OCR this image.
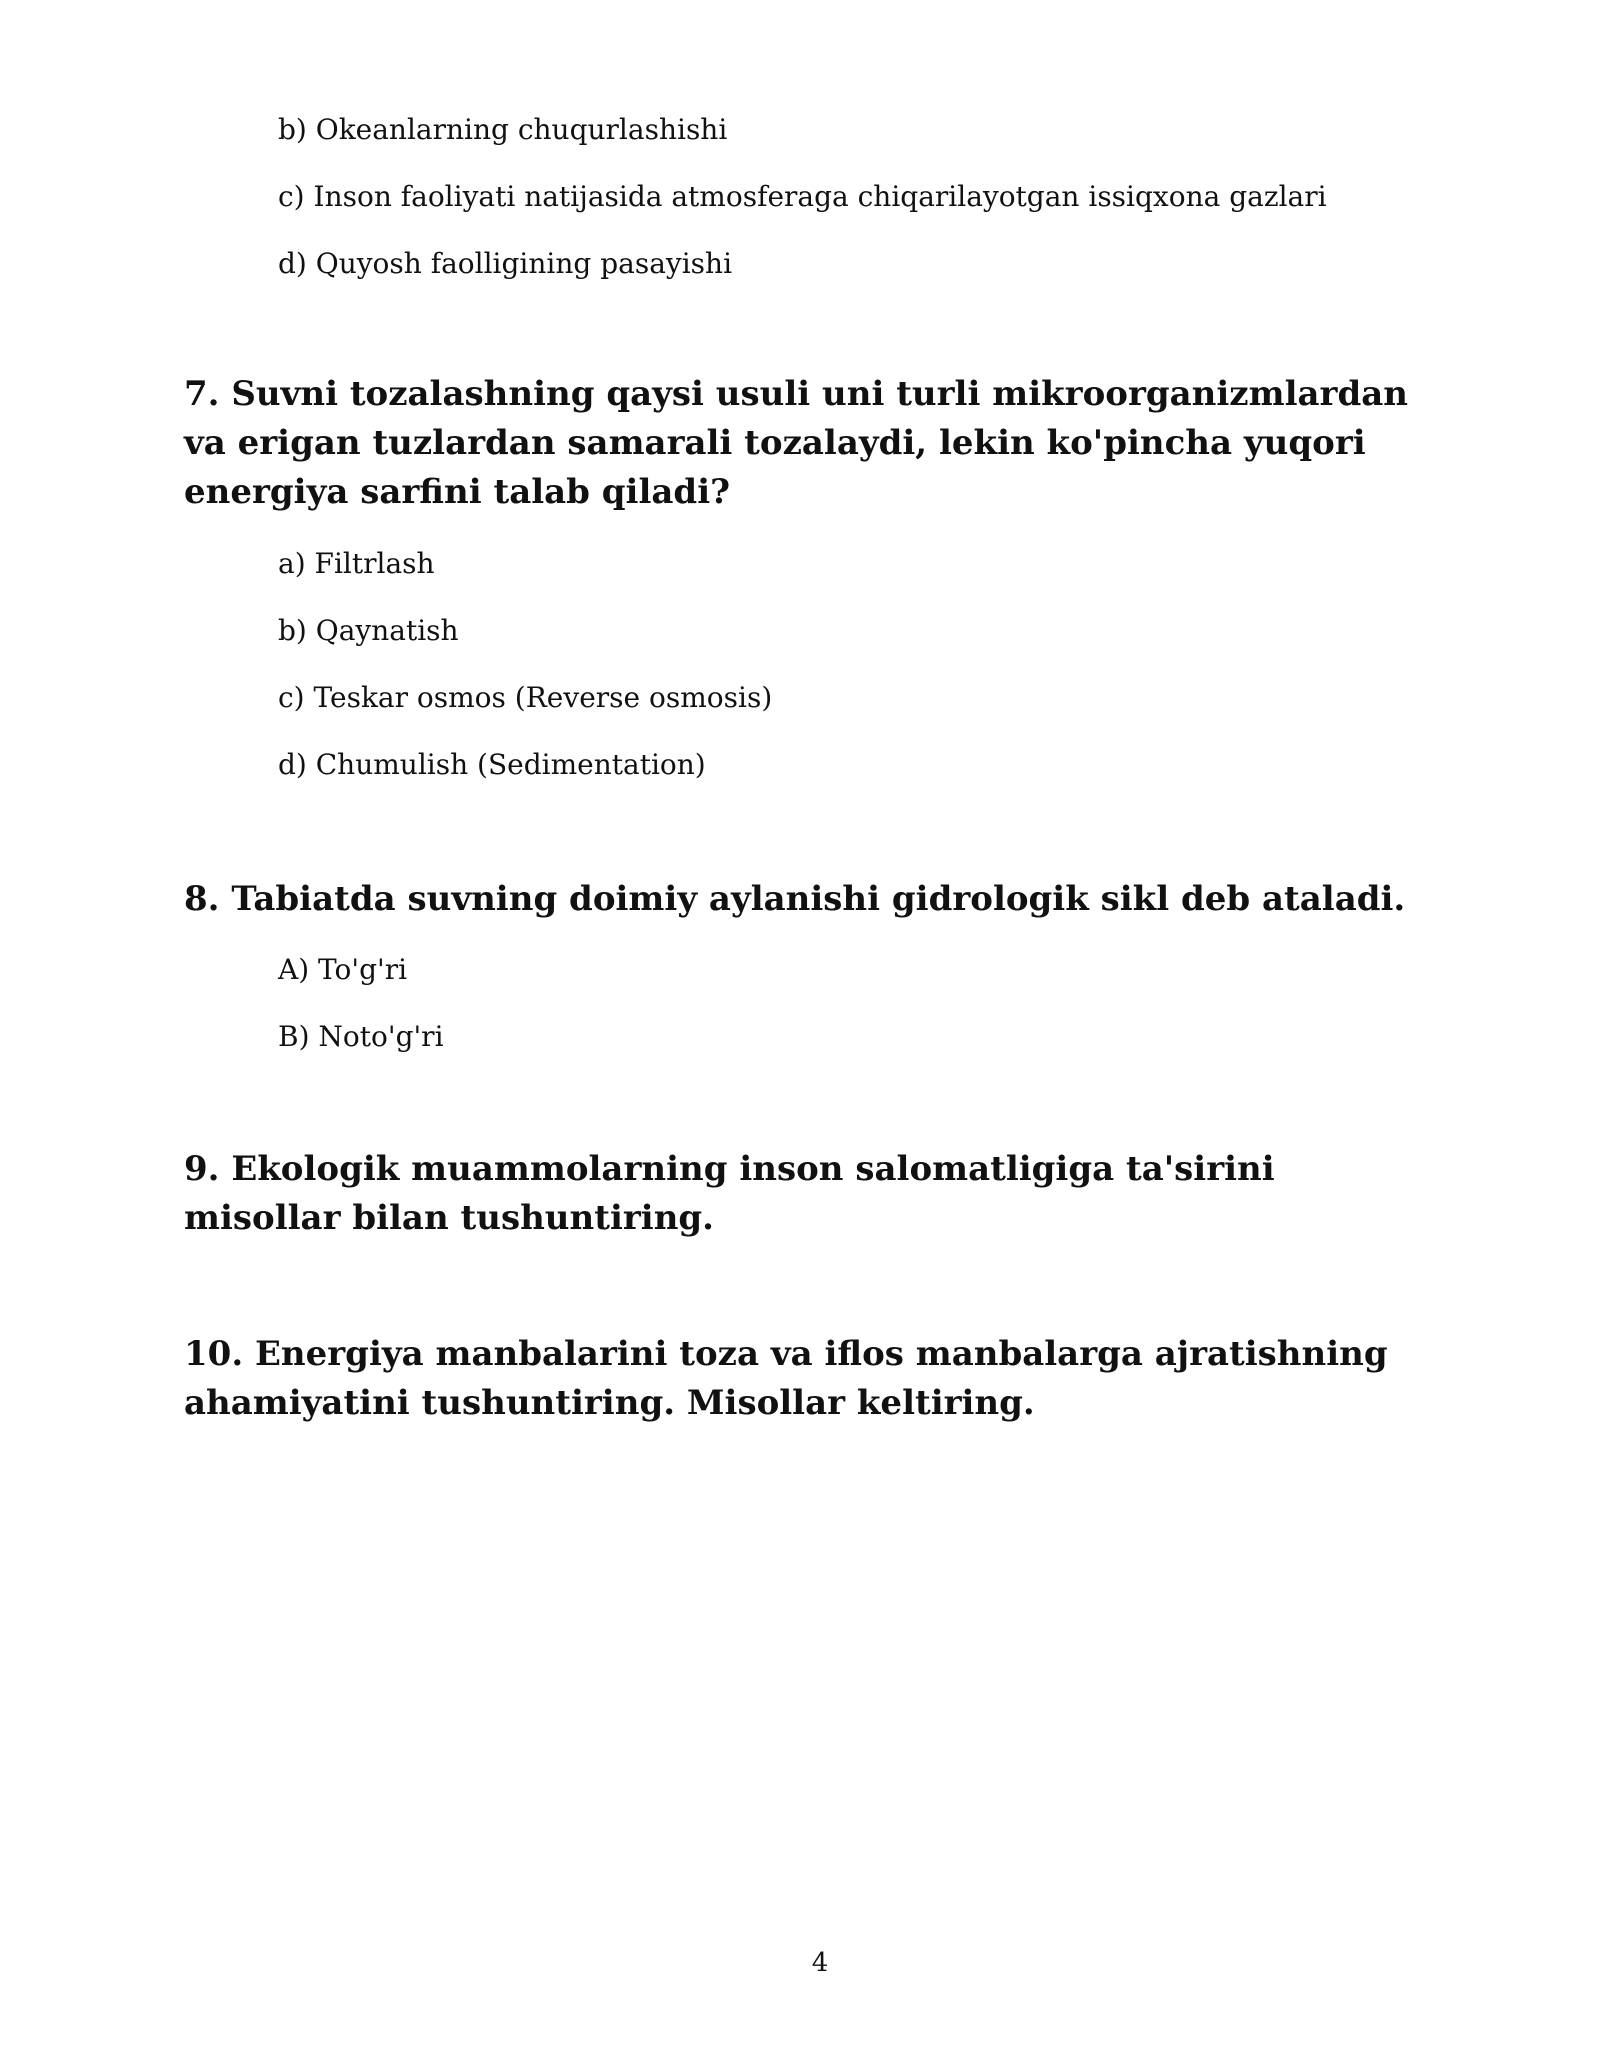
b) Okeanlarning chuqurlashishi
c) Inson faoliyati natijasida atmosferaga chiqarilayotgan issiqxona gazlari
d) Quyosh faolligining pasayishi
7. Suvni tozalashning qaysi usuli uni turli mikroorganizmlardan va erigan tuzlardan samarali tozalaydi, lekin ko'pincha yuqori energiya sarfini talab qiladi?
a) Filtrlash
b) Qaynatish
c) Teskar osmos (Reverse osmosis)
d) Chumulish (Sedimentation)
8. Tabiatda suvning doimiy aylanishi gidrologik sikl deb ataladi.
A) To'g'ri
B) Noto'g'ri
9. Ekologik muammolarning inson salomatligiga ta'sirini misollar bilan tushuntiring.
10. Energiya manbalarini toza va iflos manbalarga ajratishning ahamiyatini tushuntiring. Misollar keltiring.
4
